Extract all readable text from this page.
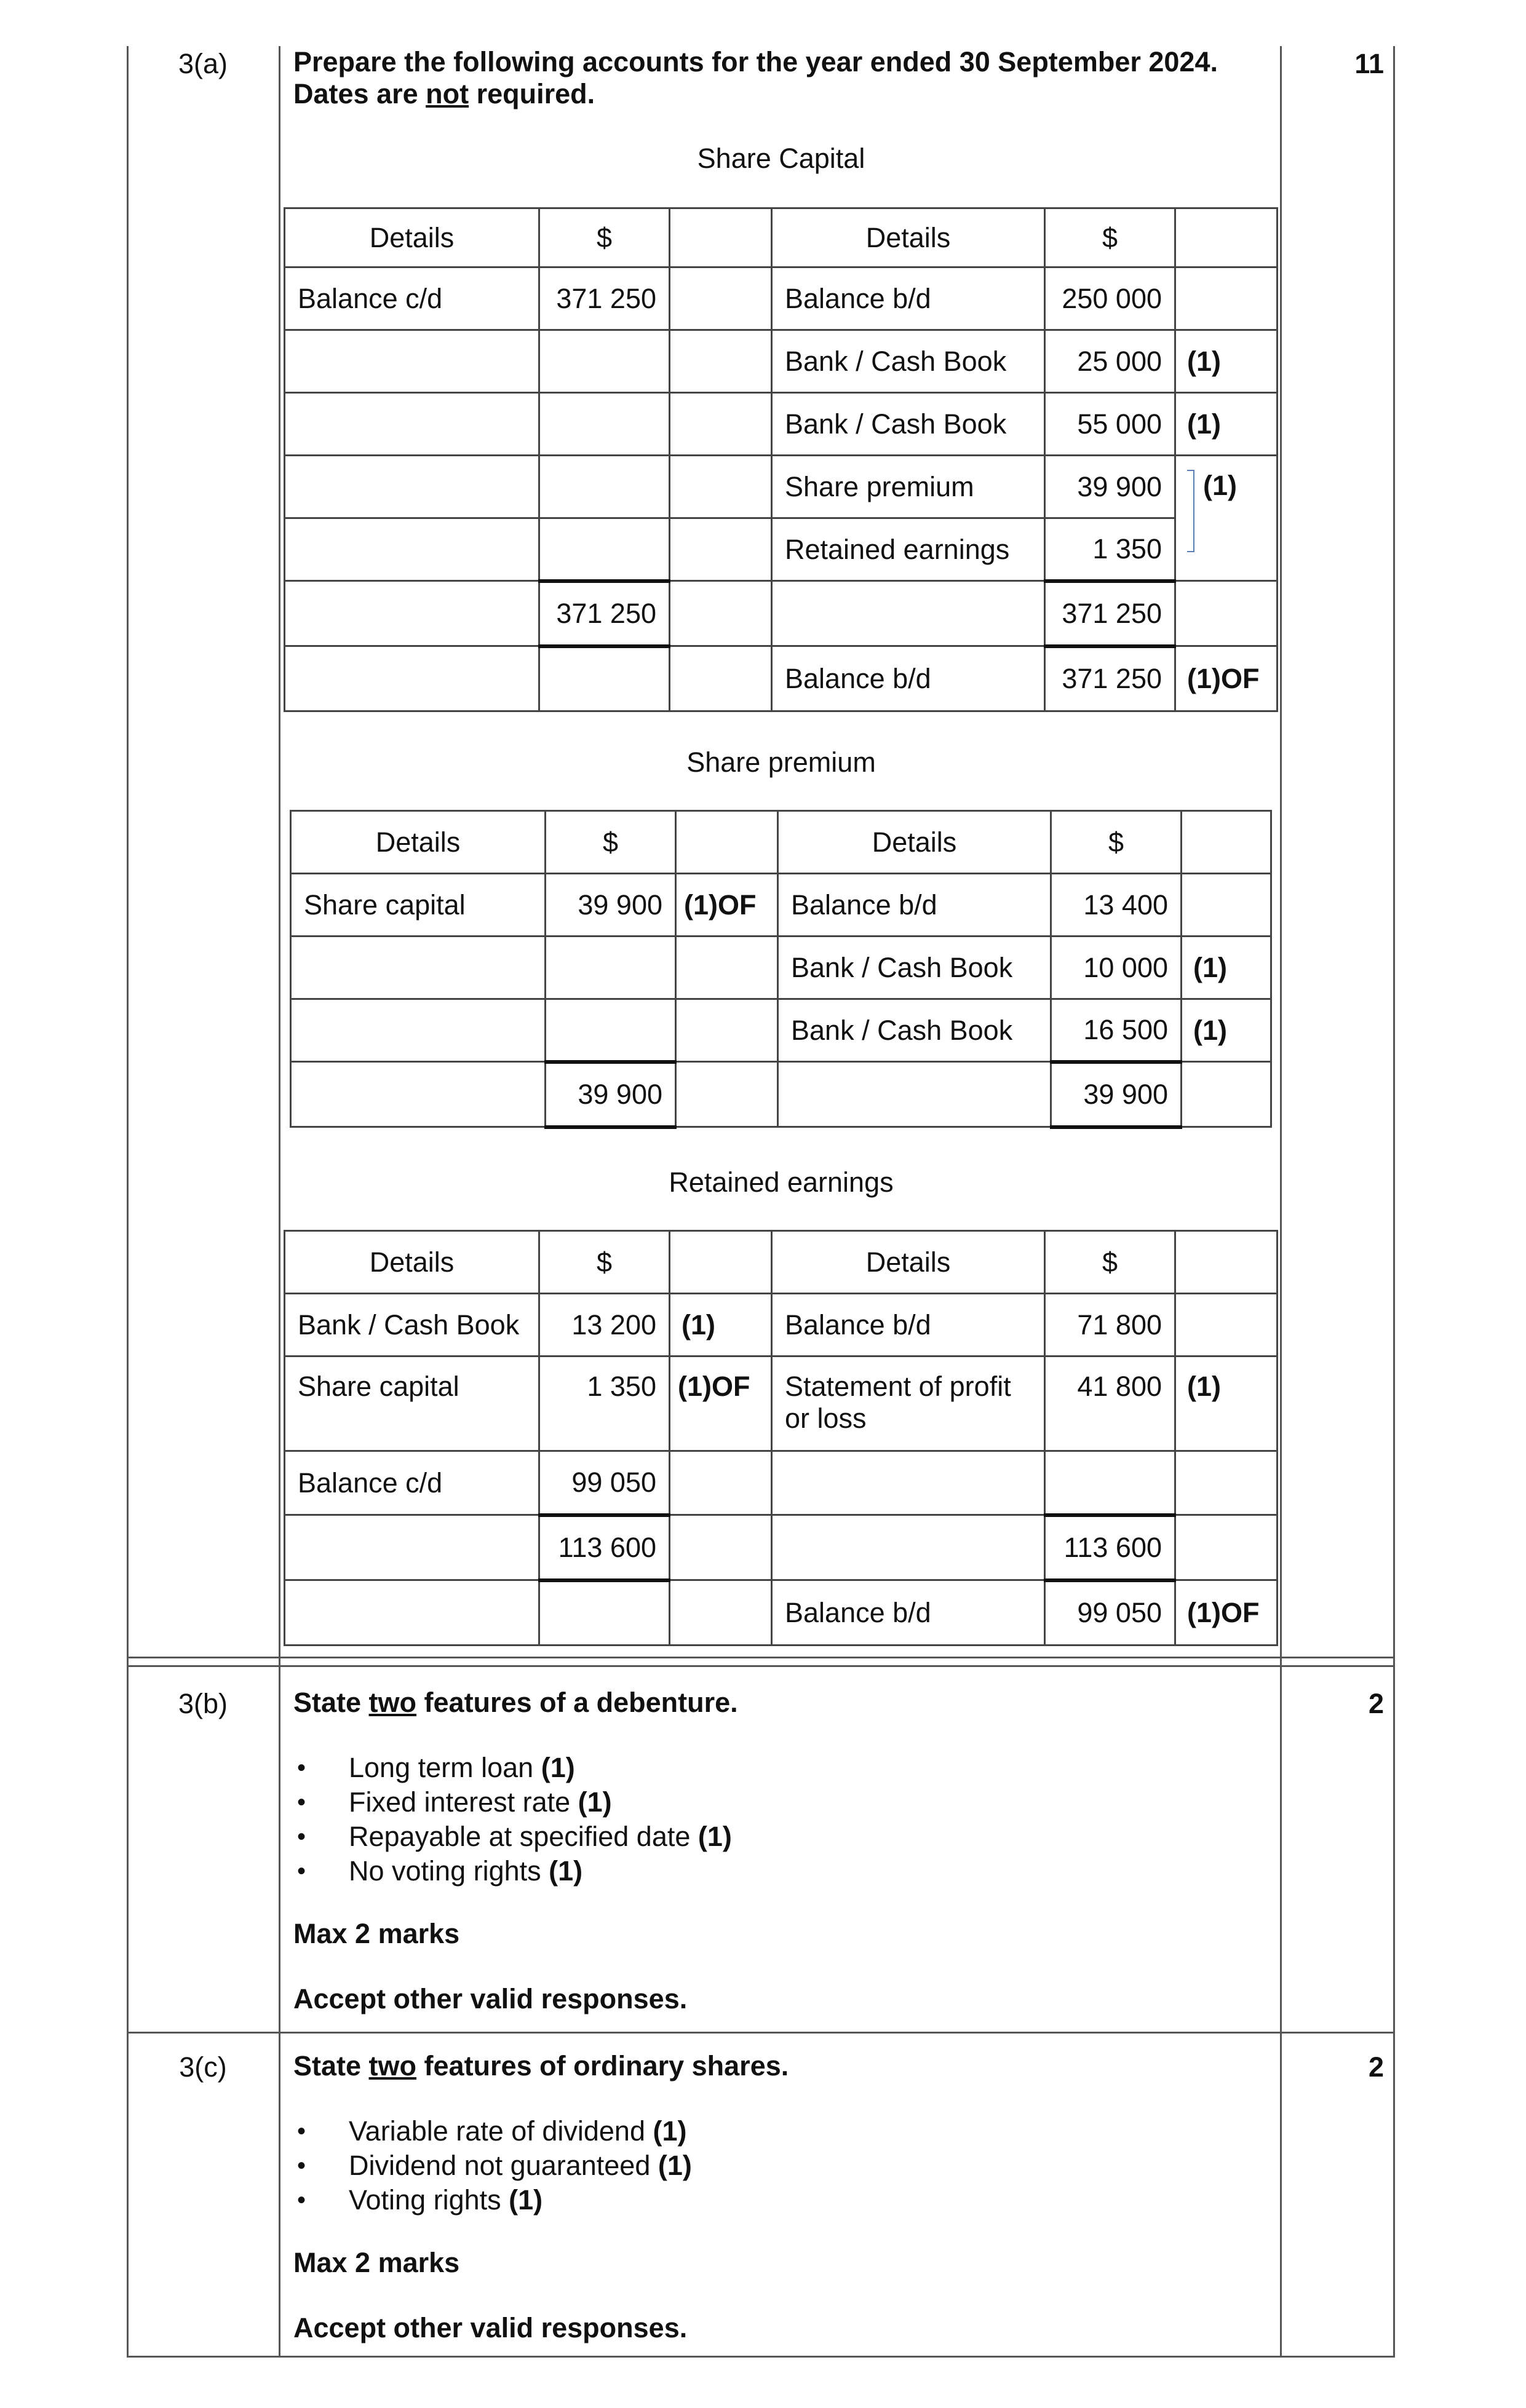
3(a)	11
Prepare the following accounts for the year ended 30 September 2024.
Dates are not required.
Share Capital
Details	$		Details	$	
Balance c/d	371 250		Balance b/d	250 000	
			Bank / Cash Book	25 000	(1)
			Bank / Cash Book	55 000	(1)
			Share premium	39 900	(1)

			Retained earnings	1 350	
	371 250			371 250	
			Balance b/d	371 250	(1)OF
Share premium
Details	$		Details	$	
Share capital	39 900	(1)OF	Balance b/d	13 400	
			Bank / Cash Book	10 000	(1)
			Bank / Cash Book	16 500	(1)
	39 900			39 900	
Retained earnings
Details	$		Details	$	
Bank / Cash Book	13 200	(1)	Balance b/d	71 800	
Share capital	1 350	(1)OF	Statement of profit or loss	41 800	(1)
Balance c/d	99 050				
	113 600			113 600	
			Balance b/d	99 050	(1)OF
3(b)	2
State two features of a debenture.
• Long term loan (1)
• Fixed interest rate (1)
• Repayable at specified date (1)
• No voting rights (1)
Max 2 marks
Accept other valid responses.
3(c)	2
State two features of ordinary shares.
• Variable rate of dividend (1)
• Dividend not guaranteed (1)
• Voting rights (1)
Max 2 marks
Accept other valid responses.
